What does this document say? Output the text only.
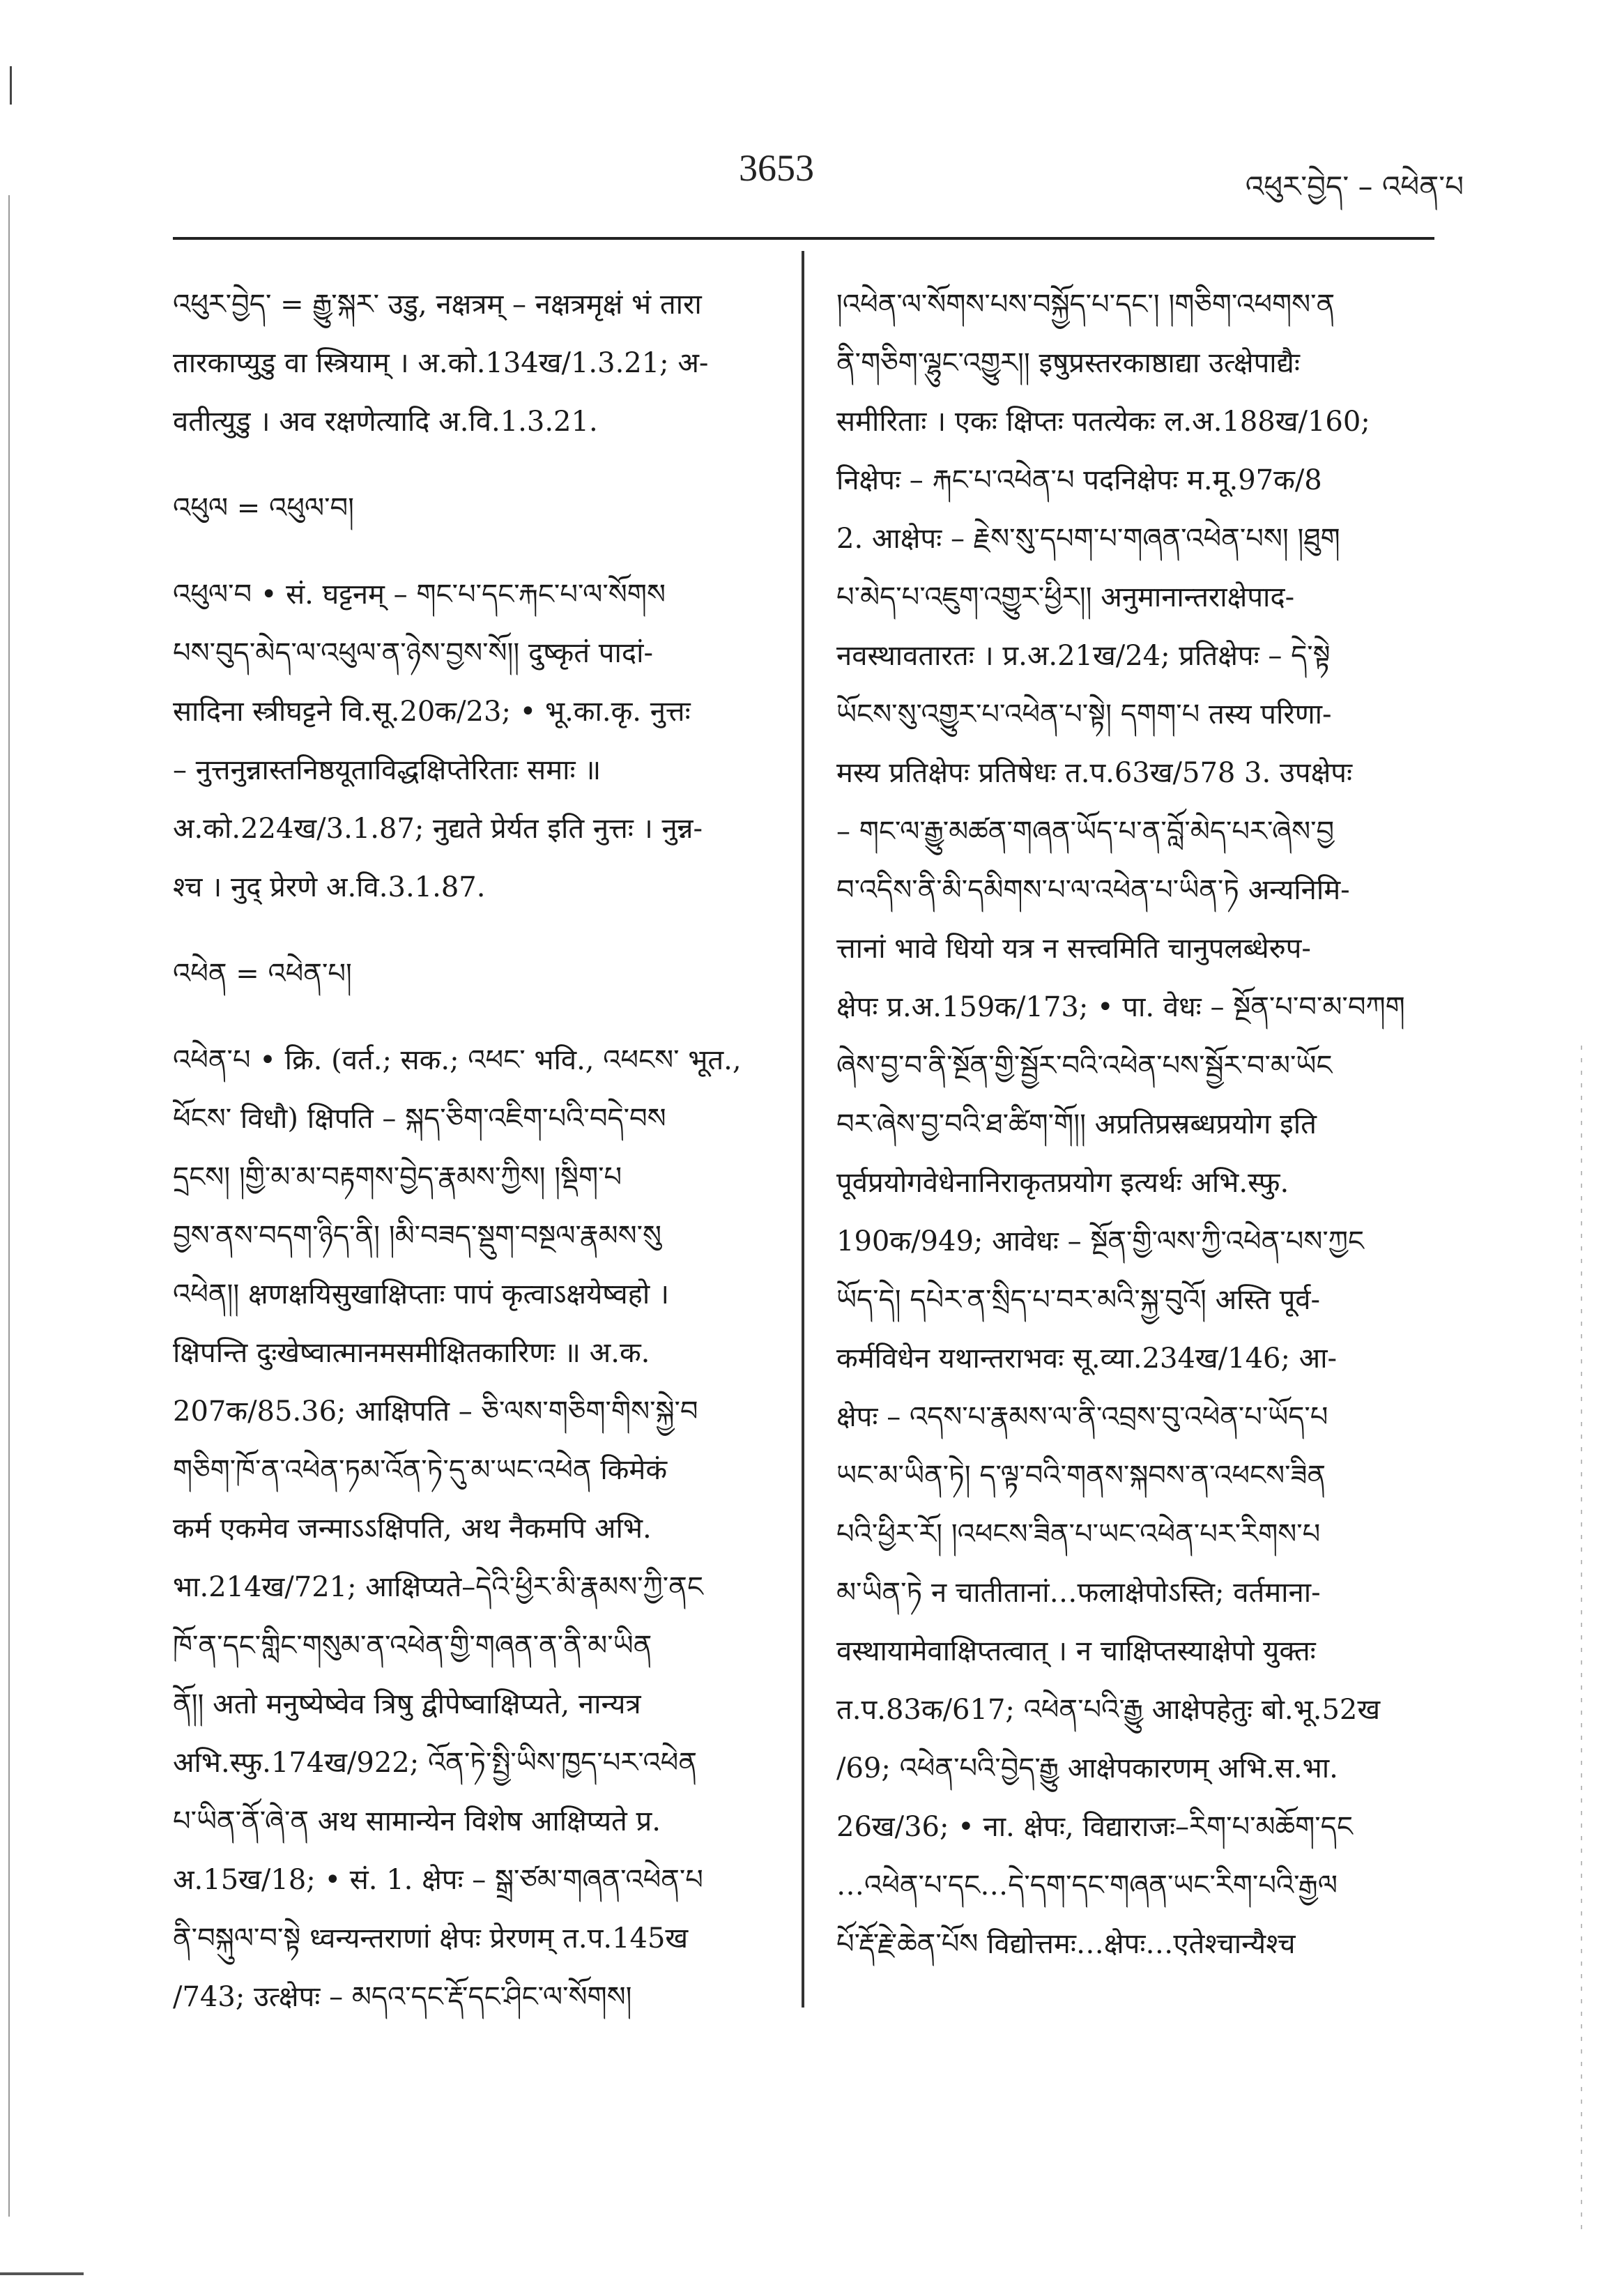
3653	འཕུར་བྱེད་ – འཕེན་པ
འཕུར་བྱེད་ = རྒྱུ་སྐར་ उडु, नक्षत्रम् – नक्षत्रमृक्षं भं तारा
तारकाप्युडु वा स्त्रियाम् । अ.को.134ख/1.3.21; अ-
वतीत्युडु । अव रक्षणेत्यादि अ.वि.1.3.21.
འཕུལ = འཕུལ་བ།
འཕུལ་བ • सं. घट्टनम् – གང་པ་དང་རྐང་པ་ལ་སོགས
པས་བུད་མེད་ལ་འཕུལ་ན་ཉེས་བྱས་སོ།། दुष्कृतं पादां-
सादिना स्त्रीघट्टने वि.सू.20क/23; • भू.का.कृ. नुत्तः
– नुत्तनुन्नास्तनिष्ठयूताविद्धक्षिप्तेरिताः समाः ॥
अ.को.224ख/3.1.87; नुद्यते प्रेर्यत इति नुत्तः । नुन्न-
श्च । नुद् प्रेरणे अ.वि.3.1.87.
འཕེན = འཕེན་པ།
འཕེན་པ • क्रि. (वर्त.; सक.; འཕང་ भवि., འཕངས་ भूत.,
ཕོངས་ विधौ) क्षिपति – སྐད་ཅིག་འཇིག་པའི་བདེ་བས
དྲངས། །གྱི་མ་མ་བརྟགས་བྱེད་རྣམས་ཀྱིས། །སྡིག་པ
བྱས་ནས་བདག་ཉིད་ནི། །མི་བཟད་སྡུག་བསྔལ་རྣམས་སུ
འཕེན།། क्षणक्षयिसुखाक्षिप्ताः पापं कृत्वाऽक्षयेष्वहो ।
क्षिपन्ति दुःखेष्वात्मानमसमीक्षितकारिणः ॥ अ.क.
207क/85.36; आक्षिपति – ཅི་ལས་གཅིག་གིས་སྐྱེ་བ
གཅིག་ཁོ་ན་འཕེན་ཏམ་འོན་ཏེ་དུ་མ་ཡང་འཕེན किमेकं
कर्म एकमेव जन्माऽऽक्षिपति, अथ नैकमपि अभि.
भा.214ख/721; आक्षिप्यते–དེའི་ཕྱིར་མི་རྣམས་ཀྱི་ནང
ཁོ་ན་དང་གླིང་གསུམ་ན་འཕེན་གྱི་གཞན་ན་ནི་མ་ཡིན
ནོ།། अतो मनुष्येष्वेव त्रिषु द्वीपेष्वाक्षिप्यते, नान्यत्र
अभि.स्फु.174ख/922; འོན་ཏེ་སྤྱི་ཡིས་ཁྱད་པར་འཕེན
པ་ཡིན་ནོ་ཞེ་ན अथ सामान्येन विशेष आक्षिप्यते प्र.
अ.15ख/18; • सं. 1. क्षेपः – སྒྲ་ཙམ་གཞན་འཕེན་པ
ནི་བསྐུལ་བ་སྟེ ध्वन्यन्तराणां क्षेपः प्रेरणम् त.प.145ख
/743; उत्क्षेपः – མདའ་དང་རྡོ་དང་ཤིང་ལ་སོགས།
།འཕེན་ལ་སོགས་པས་བསྐྱོད་པ་དང་། །གཅིག་འཕགས་ན
ནི་གཅིག་ལྷུང་འགྱུར།། इषुप्रस्तरकाष्ठाद्या उत्क्षेपाद्यैः
समीरिताः । एकः क्षिप्तः पतत्येकः ल.अ.188ख/160;
निक्षेपः – རྐང་པ་འཕེན་པ पदनिक्षेपः म.मू.97क/8
2. आक्षेपः – རྗེས་སུ་དཔག་པ་གཞན་འཕེན་པས། །ཐུག
པ་མེད་པ་འཇུག་འགྱུར་ཕྱིར།། अनुमानान्तराक्षेपाद-
नवस्थावतारतः । प्र.अ.21ख/24; प्रतिक्षेपः – དེ་སྟེ
ཡོངས་སུ་འགྱུར་པ་འཕེན་པ་སྟེ། དགག་པ तस्य परिणा-
मस्य प्रतिक्षेपः प्रतिषेधः त.प.63ख/578 3. उपक्षेपः
– གང་ལ་རྒྱུ་མཚན་གཞན་ཡོད་པ་ན་བློ་མེད་པར་ཞེས་བྱ
བ་འདིས་ནི་མི་དམིགས་པ་ལ་འཕེན་པ་ཡིན་ཏེ अन्यनिमि-
त्तानां भावे धियो यत्र न सत्त्वमिति चानुपलब्धेरुप-
क्षेपः प्र.अ.159क/173; • पा. वेधः – སྔོན་པ་བ་མ་བཀག
ཞེས་བྱ་བ་ནི་སྔོན་གྱི་སྦྱོར་བའི་འཕེན་པས་སྦྱོར་བ་མ་ཡོང
བར་ཞེས་བྱ་བའི་ཐ་ཚིག་གོ།། अप्रतिप्रस्रब्धप्रयोग इति
पूर्वप्रयोगवेधेनानिराकृतप्रयोग इत्यर्थः अभि.स्फु.
190क/949; आवेधः – སྔོན་གྱི་ལས་ཀྱི་འཕེན་པས་ཀྱང
ཡོད་དེ། དཔེར་ན་སྲིད་པ་བར་མའི་སྐྱ་བུའོ། अस्ति पूर्व-
कर्मविधेन यथान्तराभवः सू.व्या.234ख/146; आ-
क्षेपः – འདས་པ་རྣམས་ལ་ནི་འབྲས་བུ་འཕེན་པ་ཡོད་པ
ཡང་མ་ཡིན་ཏེ། ད་ལྟ་བའི་གནས་སྐབས་ན་འཕངས་ཟིན
པའི་ཕྱིར་རོ། །འཕངས་ཟིན་པ་ཡང་འཕེན་པར་རིགས་པ
མ་ཡིན་ཏེ न चातीतानां…फलाक्षेपोऽस्ति; वर्तमाना-
वस्थायामेवाक्षिप्तत्वात् । न चाक्षिप्तस्याक्षेपो युक्तः
त.प.83क/617; འཕེན་པའི་རྒྱུ आक्षेपहेतुः बो.भू.52ख
/69; འཕེན་པའི་བྱེད་རྒྱུ आक्षेपकारणम् अभि.स.भा.
26ख/36; • ना. क्षेपः, विद्याराजः–རིག་པ་མཆོག་དང
…འཕེན་པ་དང…དེ་དག་དང་གཞན་ཡང་རིག་པའི་རྒྱལ
པོ་རྡོ་རྗེ་ཆེན་པོས विद्योत्तमः…क्षेपः…एतेश्चान्यैश्च
